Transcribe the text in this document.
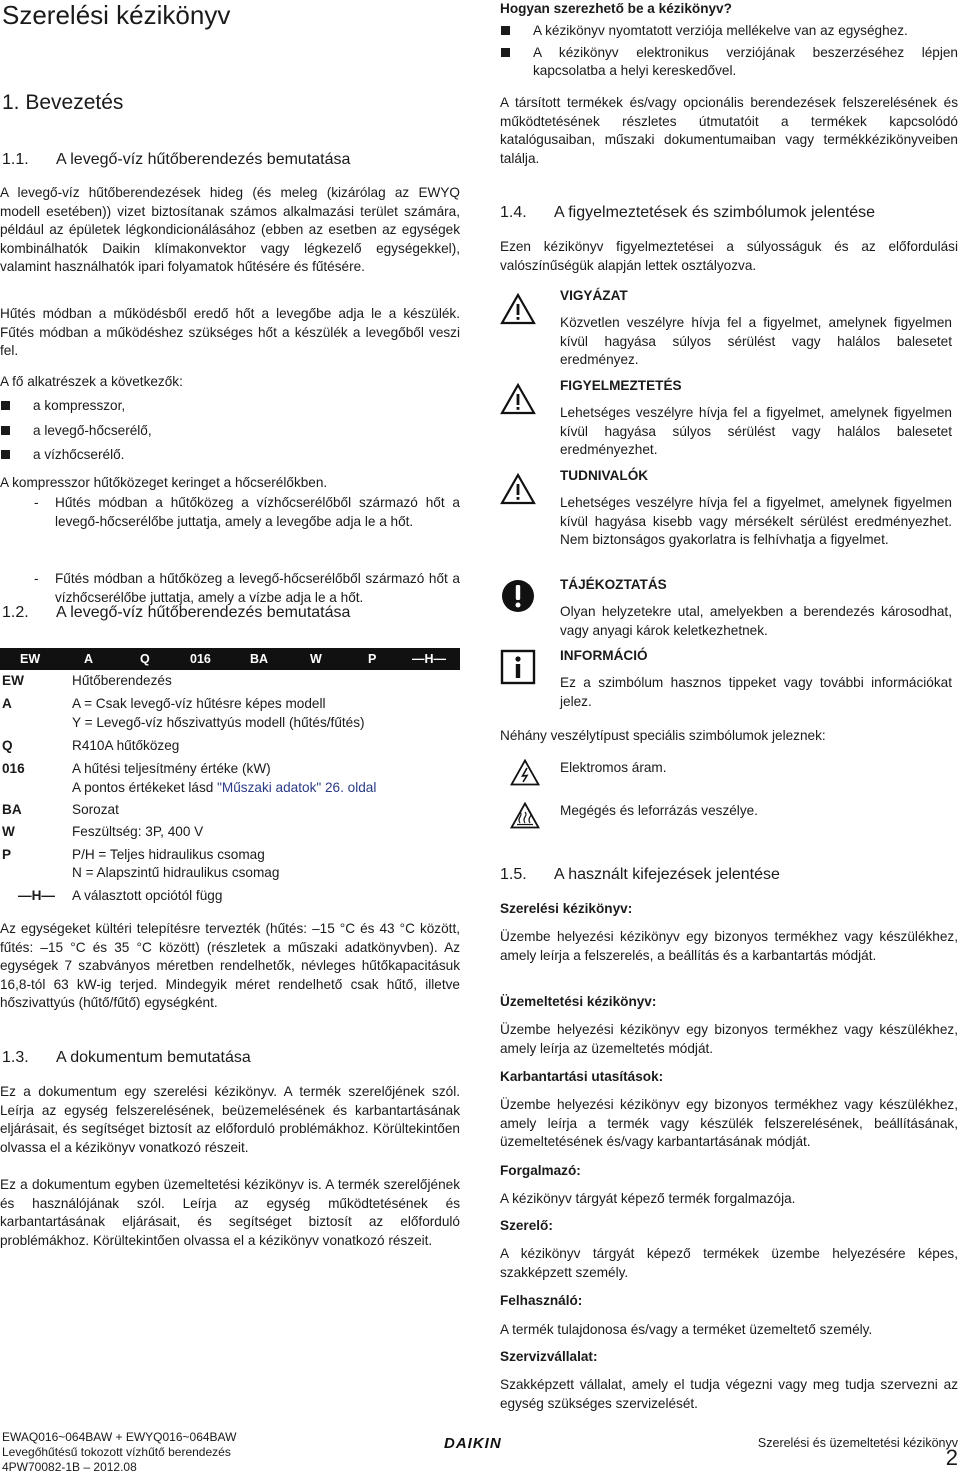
Szerelési kézikönyv
1. Bevezetés
1.1. A levegő-víz hűtőberendezés bemutatása
A levegő-víz hűtőberendezések hideg (és meleg (kizárólag az EWYQ modell esetében)) vizet biztosítanak számos alkalmazási terület számára, például az épületek légkondicionálásához (ebben az esetben az egységek kombinálhatók Daikin klímakonvektor vagy légkezelő egységekkel), valamint használhatók ipari folyamatok hűtésére és fűtésére.
Hűtés módban a működésből eredő hőt a levegőbe adja le a készülék. Fűtés módban a működéshez szükséges hőt a készülék a levegőből veszi fel.
A fő alkatrészek a következők:
a kompresszor,
a levegő-hőcserélő,
a vízhőcserélő.
A kompresszor hűtőközeget keringet a hőcserélőkben.
- Hűtés módban a hűtőközeg a vízhőcserélőből származó hőt a levegő-hőcserélőbe juttatja, amely a levegőbe adja le a hőt.
- Fűtés módban a hűtőközeg a levegő-hőcserélőből származó hőt a vízhőcserélőbe juttatja, amely a vízbe adja le a hőt.
1.2. A levegő-víz hűtőberendezés bemutatása
EW	A	Q	016	BA	W	P	—H—
EW	Hűtőberendezés
A	A = Csak levegő-víz hűtésre képes modell
Y = Levegő-víz hőszivattyús modell (hűtés/fűtés)
Q	R410A hűtőközeg
016	A hűtési teljesítmény értéke (kW)
A pontos értékeket lásd "Műszaki adatok" 26. oldal
BA	Sorozat
W	Feszültség: 3P, 400 V
P	P/H = Teljes hidraulikus csomag
N = Alapszintű hidraulikus csomag
—H— A választott opciótól függ
Az egységeket kültéri telepítésre tervezték (hűtés: –15 °C és 43 °C között, fűtés: –15 °C és 35 °C között) (részletek a műszaki adatkönyvben). Az egységek 7 szabványos méretben rendelhetők, névleges hűtőkapacitásuk 16,8-tól 63 kW-ig terjed. Mindegyik méret rendelhető csak hűtő, illetve hőszivattyús (hűtő/fűtő) egységként.
1.3. A dokumentum bemutatása
Ez a dokumentum egy szerelési kézikönyv. A termék szerelőjének szól. Leírja az egység felszerelésének, beüzemelésének és karbantartásának eljárásait, és segítséget biztosít az előforduló problémákhoz. Körültekintően olvassa el a kézikönyv vonatkozó részeit.
Ez a dokumentum egyben üzemeltetési kézikönyv is. A termék szerelőjének és használójának szól. Leírja az egység működtetésének és karbantartásának eljárásait, és segítséget biztosít az előforduló problémákhoz. Körültekintően olvassa el a kézikönyv vonatkozó részeit.
Hogyan szerezhető be a kézikönyv?
A kézikönyv nyomtatott verziója mellékelve van az egységhez.
A kézikönyv elektronikus verziójának beszerzéséhez lépjen kapcsolatba a helyi kereskedővel.
A társított termékek és/vagy opcionális berendezések felszerelésének és működtetésének részletes útmutatóit a termékek kapcsolódó katalógusaiban, műszaki dokumentumaiban vagy termékkézikönyveiben találja.
1.4. A figyelmeztetések és szimbólumok jelentése
Ezen kézikönyv figyelmeztetései a súlyosságuk és az előfordulási valószínűségük alapján lettek osztályozva.
VIGYÁZAT
Közvetlen veszélyre hívja fel a figyelmet, amelynek figyelmen kívül hagyása súlyos sérülést vagy halálos balesetet eredményez.
FIGYELMEZTETÉS
Lehetséges veszélyre hívja fel a figyelmet, amelynek figyelmen kívül hagyása súlyos sérülést vagy halálos balesetet eredményezhet.
TUDNIVALÓK
Lehetséges veszélyre hívja fel a figyelmet, amelynek figyelmen kívül hagyása kisebb vagy mérsékelt sérülést eredményezhet. Nem biztonságos gyakorlatra is felhívhatja a figyelmet.
TÁJÉKOZTATÁS
Olyan helyzetekre utal, amelyekben a berendezés károsodhat, vagy anyagi károk keletkezhetnek.
INFORMÁCIÓ
Ez a szimbólum hasznos tippeket vagy további információkat jelez.
Néhány veszélytípust speciális szimbólumok jeleznek:
Elektromos áram.
Megégés és leforrázás veszélye.
1.5. A használt kifejezések jelentése
Szerelési kézikönyv:
Üzembe helyezési kézikönyv egy bizonyos termékhez vagy készülékhez, amely leírja a felszerelés, a beállítás és a karbantartás módját.
Üzemeltetési kézikönyv:
Üzembe helyezési kézikönyv egy bizonyos termékhez vagy készülékhez, amely leírja az üzemeltetés módját.
Karbantartási utasítások:
Üzembe helyezési kézikönyv egy bizonyos termékhez vagy készülékhez, amely leírja a termék vagy készülék felszerelésének, beállításának, üzemeltetésének és/vagy karbantartásának módját.
Forgalmazó:
A kézikönyv tárgyát képező termék forgalmazója.
Szerelő:
A kézikönyv tárgyát képező termékek üzembe helyezésére képes, szakképzett személy.
Felhasználó:
A termék tulajdonosa és/vagy a terméket üzemeltető személy.
Szervizvállalat:
Szakképzett vállalat, amely el tudja végezni vagy meg tudja szervezni az egység szükséges szervizelését.
EWAQ016~064BAW + EWYQ016~064BAW
Levegőhűtésű tokozott vízhűtő berendezés
4PW70082-1B – 2012.08
DAIKIN	Szerelési és üzemeltetési kézikönyv
2
